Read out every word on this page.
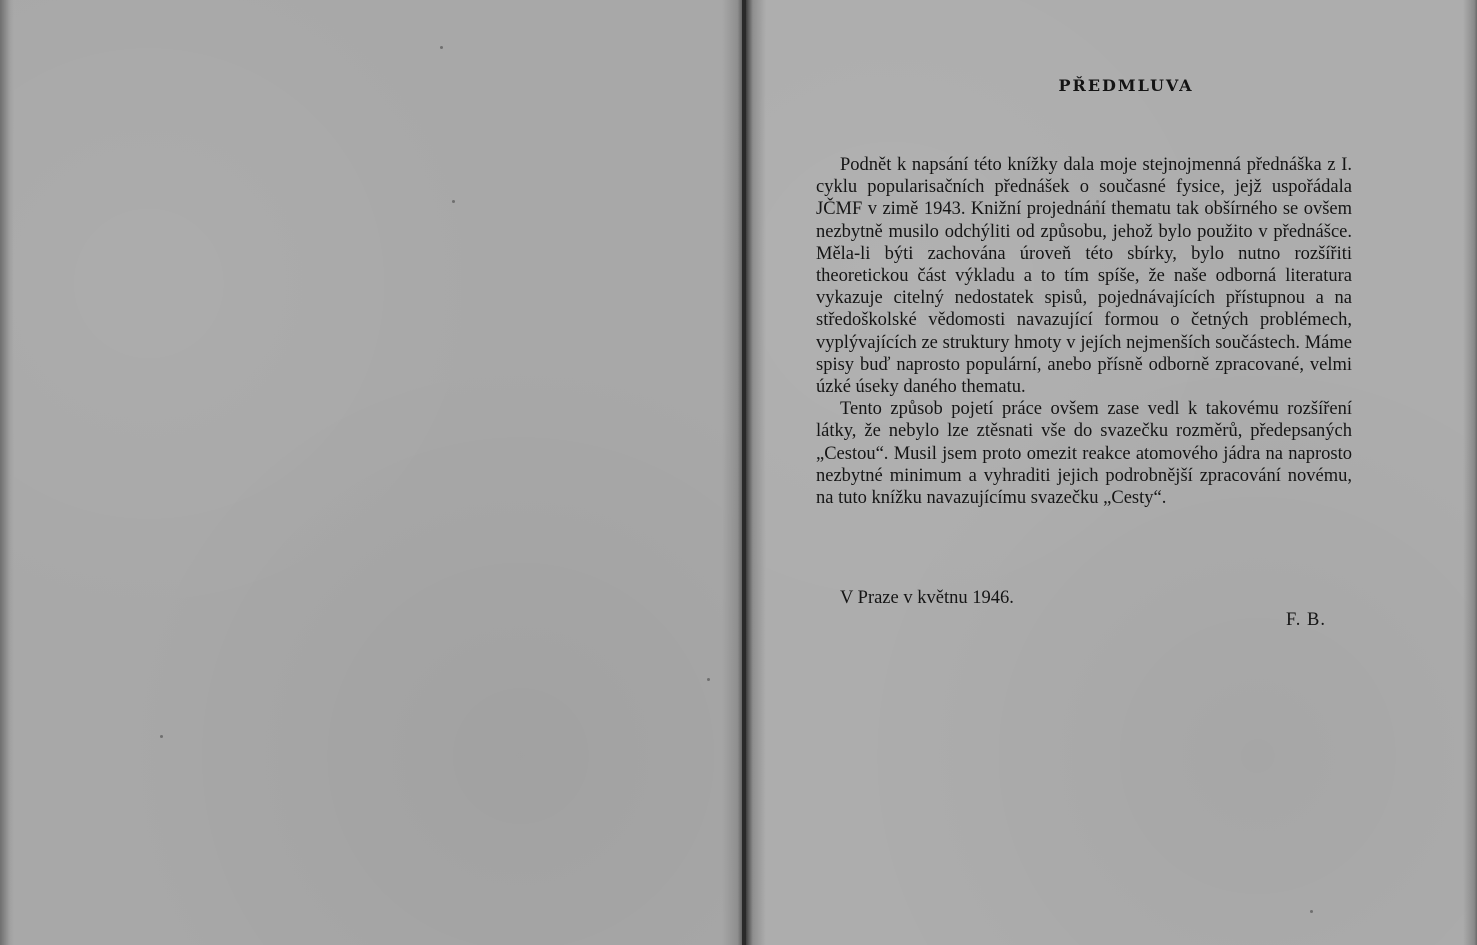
PŘEDMLUVA

Podnět k napsání této knížky dala moje stejnojmenná přednáška z I. cyklu popularisačních přednášek o současné fysice, jejž uspořádala JČMF v zimě 1943. Knižní projednání thematu tak obšírného se ovšem nezbytně musilo odchýliti od způsobu, jehož bylo použito v přednášce. Měla-li býti zachována úroveň této sbírky, bylo nutno rozšířiti theoretickou část výkladu a to tím spíše, že naše odborná literatura vykazuje citelný nedostatek spisů, pojednávajících přístupnou a na středoškolské vědomosti navazující formou o četných problémech, vyplývajících ze struktury hmoty v jejích nejmenších součástech. Máme spisy buď naprosto populární, anebo přísně odborně zpracované, velmi úzké úseky daného thematu.

Tento způsob pojetí práce ovšem zase vedl k takovému rozšíření látky, že nebylo lze ztěsnati vše do svazečku rozměrů, předepsaných „Cestou“. Musil jsem proto omezit reakce atomového jádra na naprosto nezbytné minimum a vyhraditi jejich podrobnější zpracování novému, na tuto knížku navazujícímu svazečku „Cesty“.

V Praze v květnu 1946.

F. B.
